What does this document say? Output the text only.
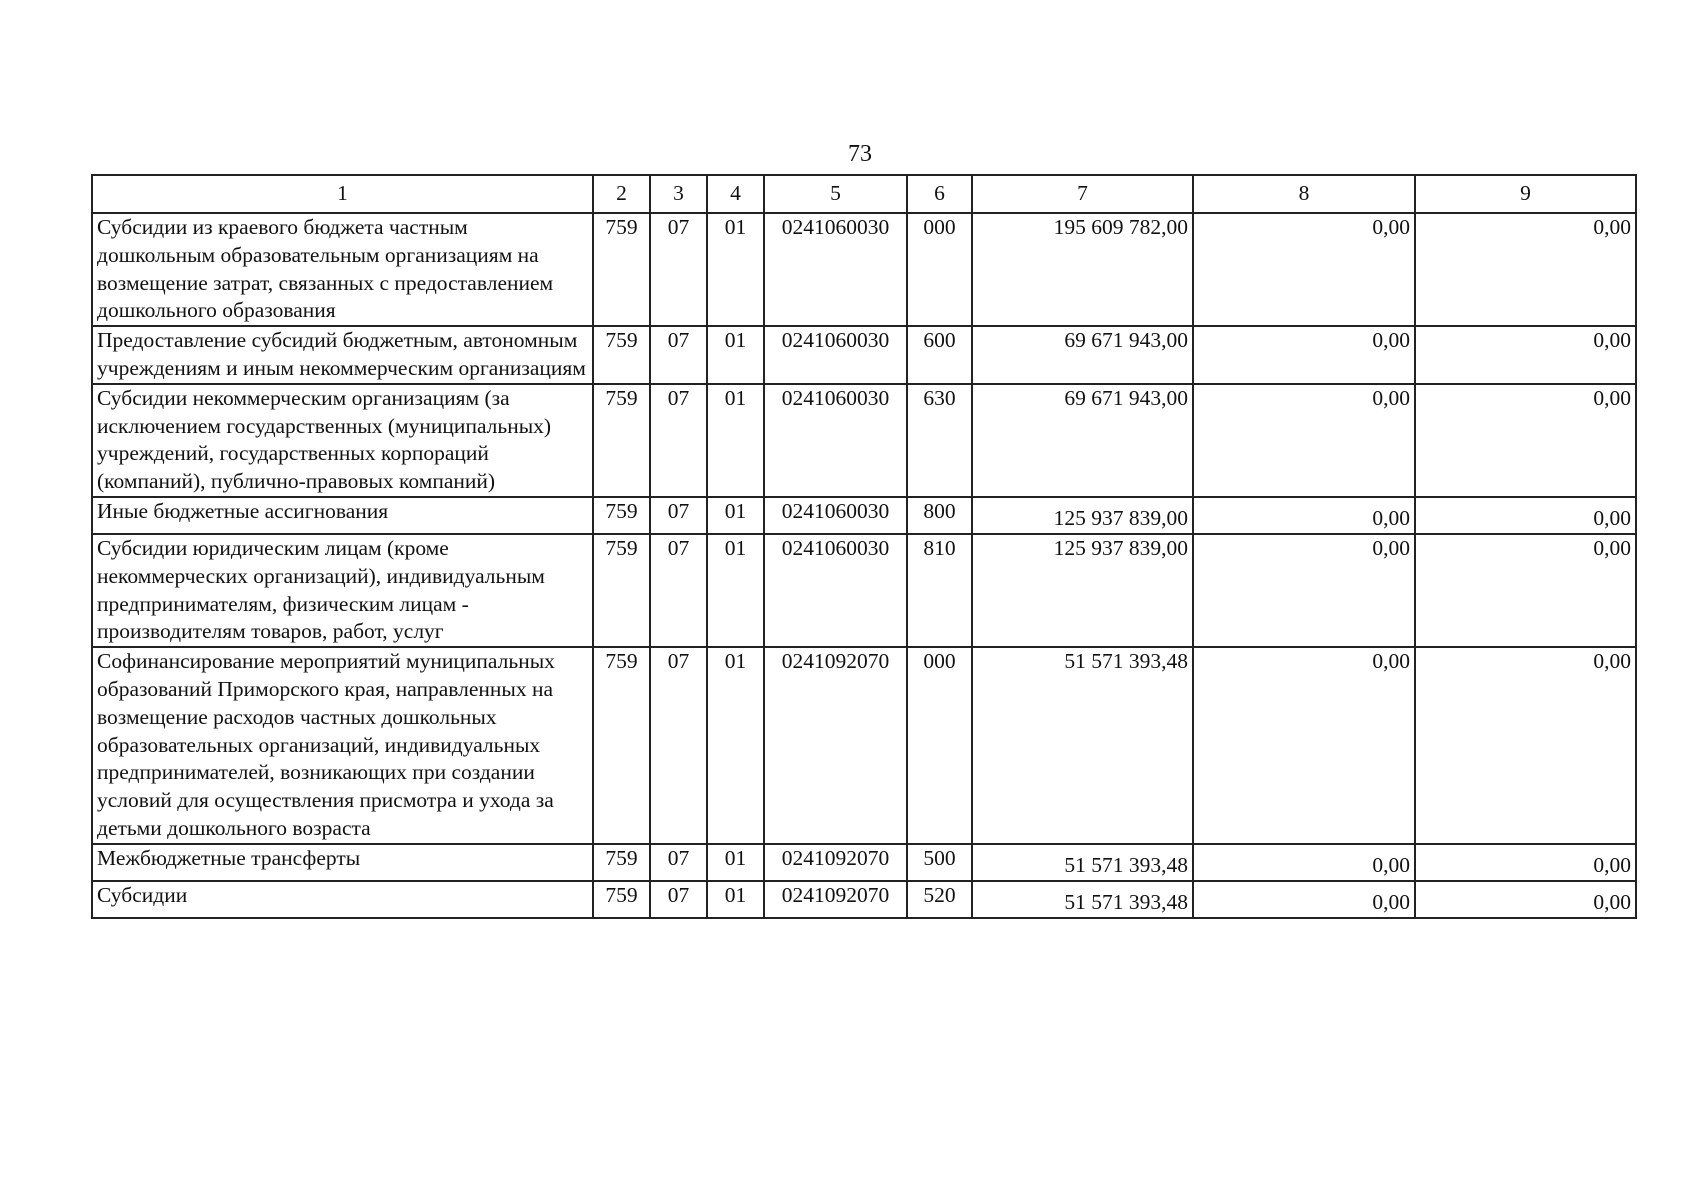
73
1	2	3	4	5	6	7	8	9
Субсидии из краевого бюджета частным дошкольным образовательным организациям на возмещение затрат, связанных с предоставлением дошкольного образования	759	07	01	0241060030	000	195 609 782,00	0,00	0,00
Предоставление субсидий бюджетным, автономным учреждениям и иным некоммерческим организациям	759	07	01	0241060030	600	69 671 943,00	0,00	0,00
Субсидии некоммерческим организациям (за исключением государственных (муниципальных) учреждений, государственных корпораций (компаний), публично-правовых компаний)	759	07	01	0241060030	630	69 671 943,00	0,00	0,00
Иные бюджетные ассигнования	759	07	01	0241060030	800	125 937 839,00	0,00	0,00
Субсидии юридическим лицам (кроме некоммерческих организаций), индивидуальным предпринимателям, физическим лицам - производителям товаров, работ, услуг	759	07	01	0241060030	810	125 937 839,00	0,00	0,00
Софинансирование мероприятий муниципальных образований Приморского края, направленных на возмещение расходов частных дошкольных образовательных организаций, индивидуальных предпринимателей, возникающих при создании условий для осуществления присмотра и ухода за детьми дошкольного возраста	759	07	01	0241092070	000	51 571 393,48	0,00	0,00
Межбюджетные трансферты	759	07	01	0241092070	500	51 571 393,48	0,00	0,00
Субсидии	759	07	01	0241092070	520	51 571 393,48	0,00	0,00
